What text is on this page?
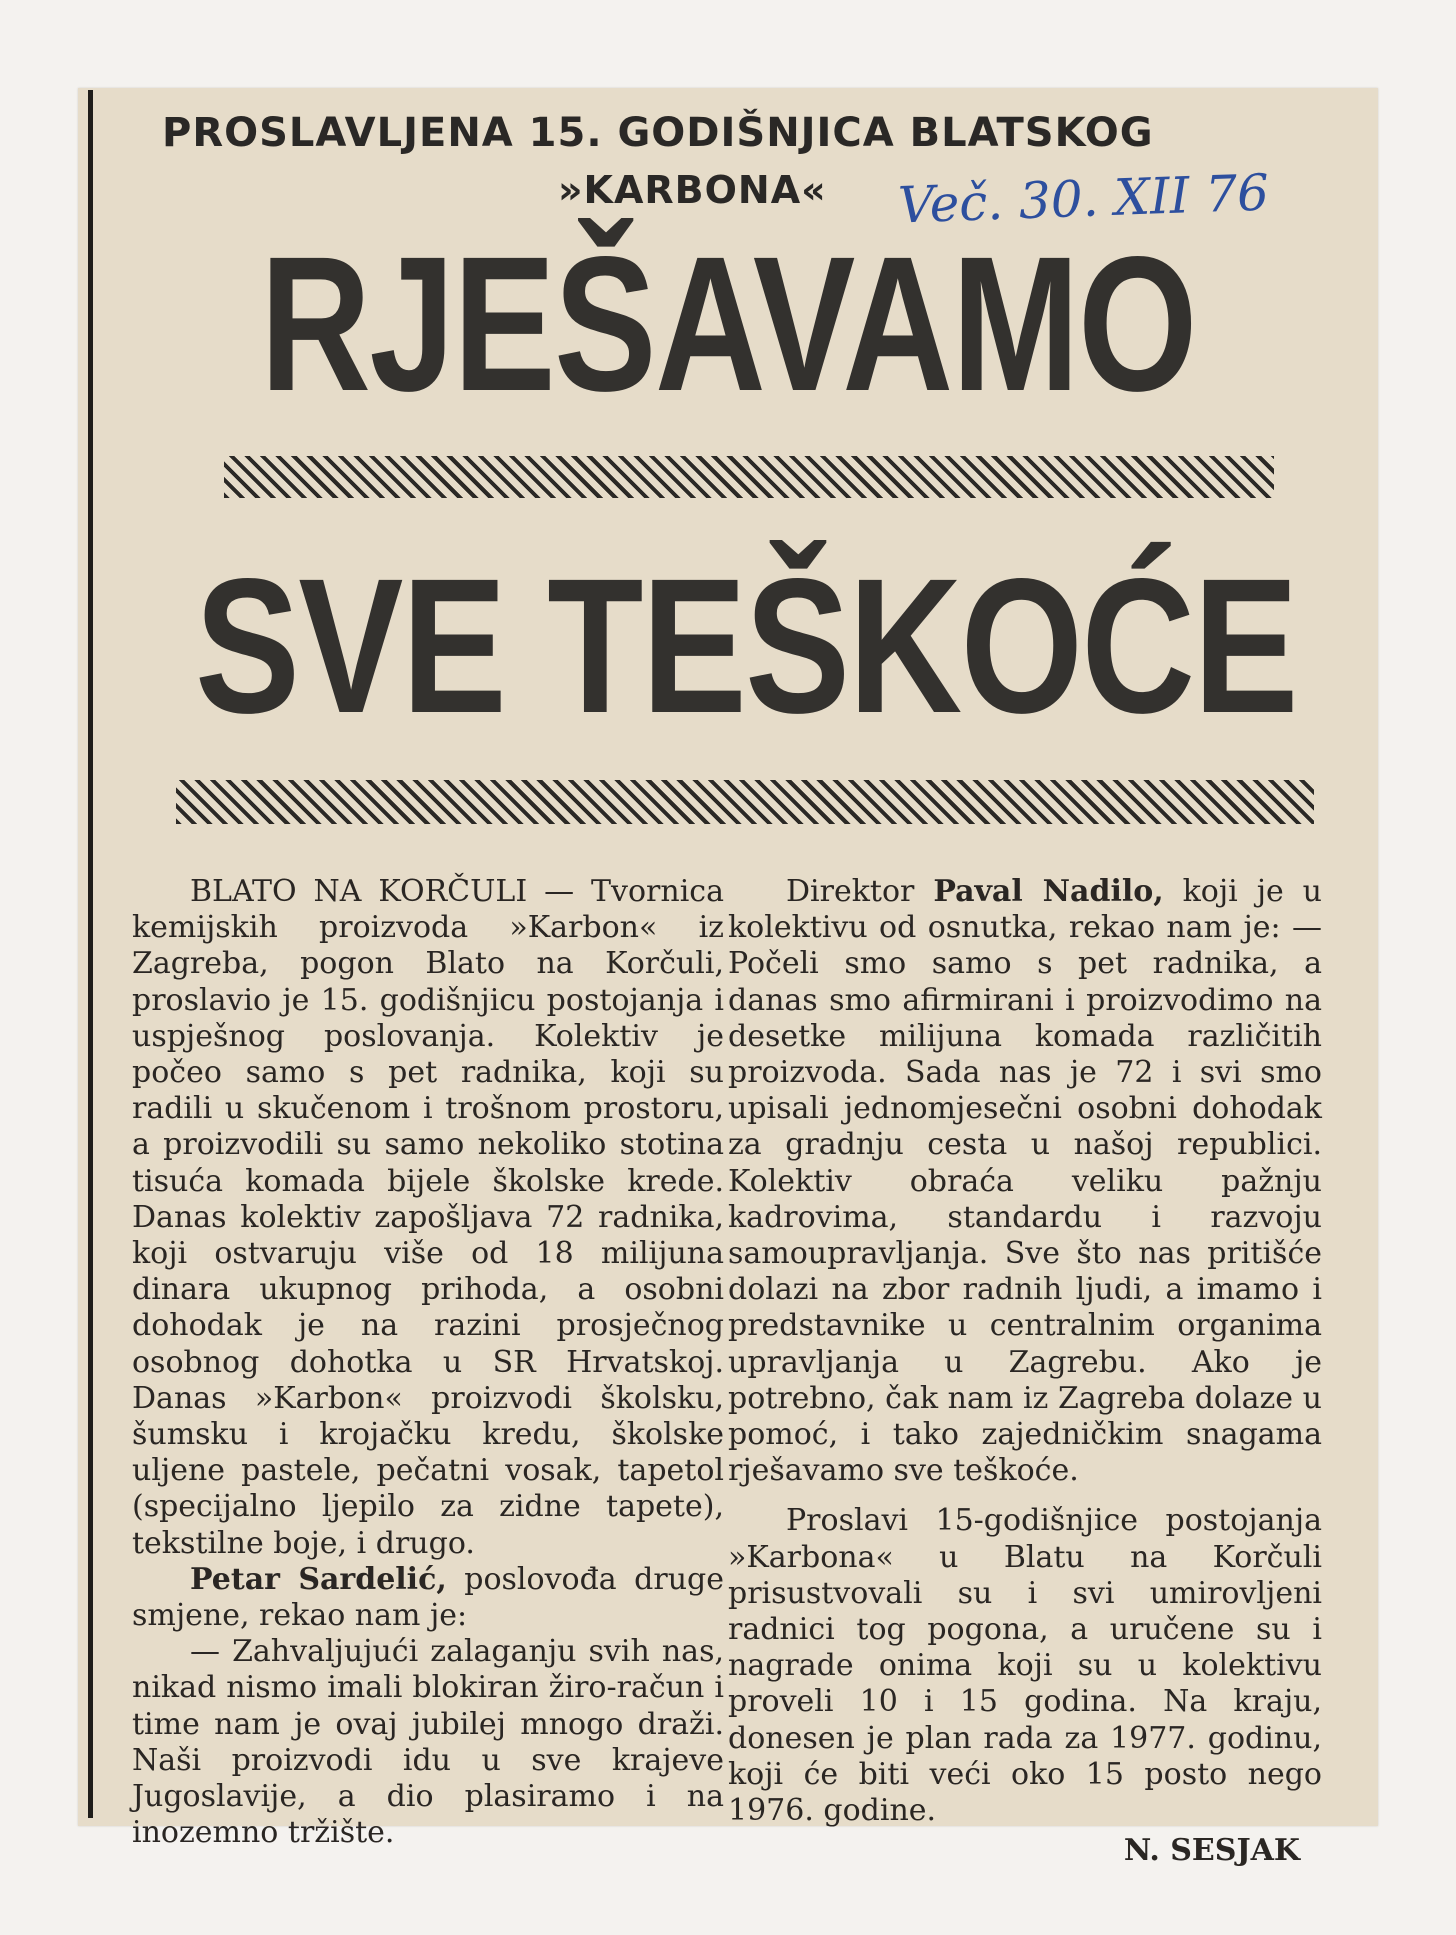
PROSLAVLJENA 15. GODIŠNJICA BLATSKOG
»KARBONA« Več. 30. XII 76
RJEŠAVAMO
SVE TEŠKOĆE

BLATO NA KORČULI — Tvornica kemijskih proizvoda »Karbon« iz Zagreba, pogon Blato na Korčuli, proslavio je 15. godišnjicu postojanja i uspješnog poslovanja. Kolektiv je počeo samo s pet radnika, koji su radili u skučenom i trošnom prostoru, a proizvodili su samo nekoliko stotina tisuća komada bijele školske krede. Danas kolektiv zapošljava 72 radnika, koji ostvaruju više od 18 milijuna dinara ukupnog prihoda, a osobni dohodak je na razini prosječnog osobnog dohotka u SR Hrvatskoj. Danas »Karbon« proizvodi školsku, šumsku i krojačku kredu, školske uljene pastele, pečatni vosak, tapetol (specijalno ljepilo za zidne tapete), tekstilne boje, i drugo.

Petar Sardelić, poslovođa druge smjene, rekao nam je:

— Zahvaljujući zalaganju svih nas, nikad nismo imali blokiran žiro-račun i time nam je ovaj jubilej mnogo draži. Naši proizvodi idu u sve krajeve Jugoslavije, a dio plasiramo i na inozemno tržište.

Direktor Paval Nadilo, koji je u kolektivu od osnutka, rekao nam je: — Počeli smo samo s pet radnika, a danas smo afirmirani i proizvodimo na desetke milijuna komada različitih proizvoda. Sada nas je 72 i svi smo upisali jednomjesečni osobni dohodak za gradnju cesta u našoj republici. Kolektiv obraća veliku pažnju kadrovima, standardu i razvoju samoupravljanja. Sve što nas pritišće dolazi na zbor radnih ljudi, a imamo i predstavnike u centralnim organima upravljanja u Zagrebu. Ako je potrebno, čak nam iz Zagreba dolaze u pomoć, i tako zajedničkim snagama rješavamo sve teškoće.

Proslavi 15-godišnjice postojanja »Karbona« u Blatu na Korčuli prisustvovali su i svi umirovljeni radnici tog pogona, a uručene su i nagrade onima koji su u kolektivu proveli 10 i 15 godina. Na kraju, donesen je plan rada za 1977. godinu, koji će biti veći oko 15 posto nego 1976. godine.

N. SESJAK
